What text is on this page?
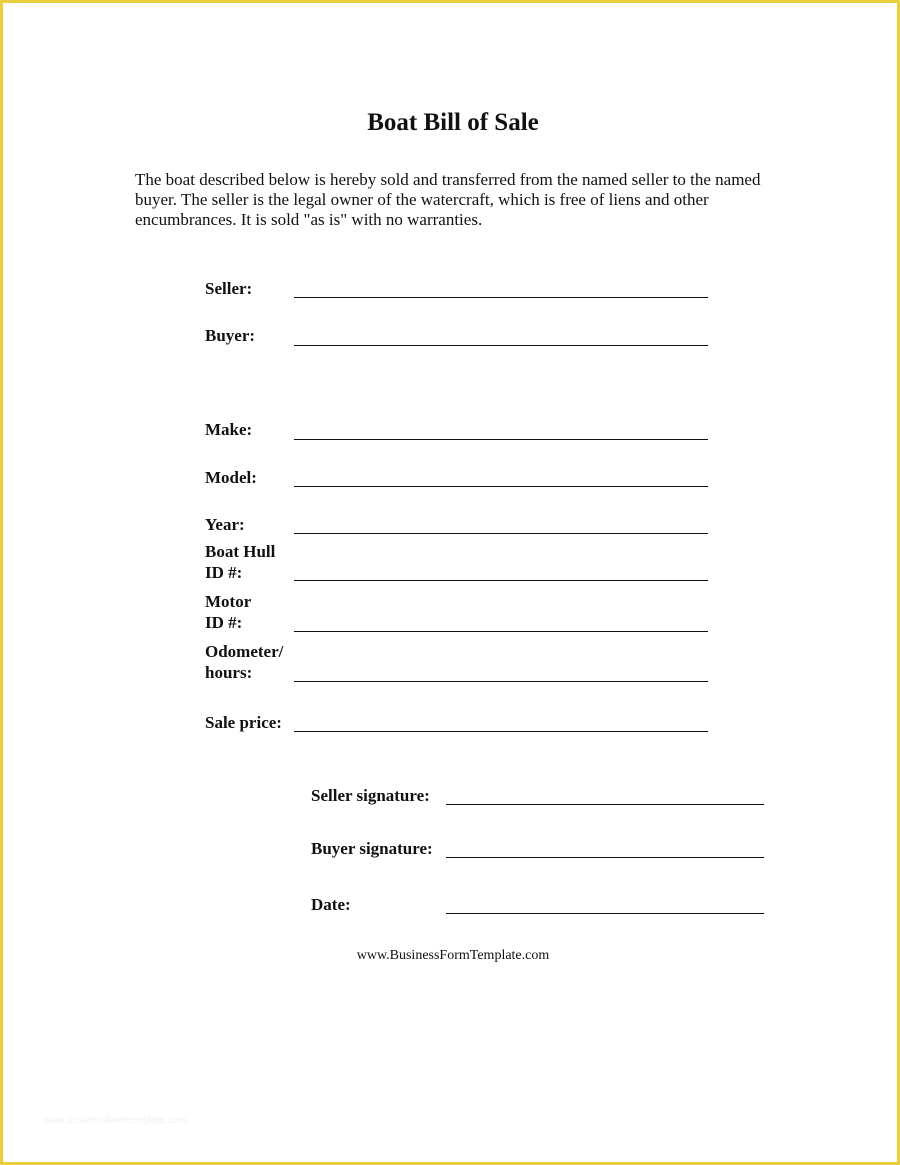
Boat Bill of Sale
The boat described below is hereby sold and transferred from the named seller to the named buyer. The seller is the legal owner of the watercraft, which is free of liens and other encumbrances. It is sold "as is" with no warranties.
Seller:
Buyer:
Make:
Model:
Year:
Boat Hull
ID #:
Motor
ID #:
Odometer/
hours:
Sale price:
Seller signature:
Buyer signature:
Date:
www.BusinessFormTemplate.com
www.businessformtemplate.com
